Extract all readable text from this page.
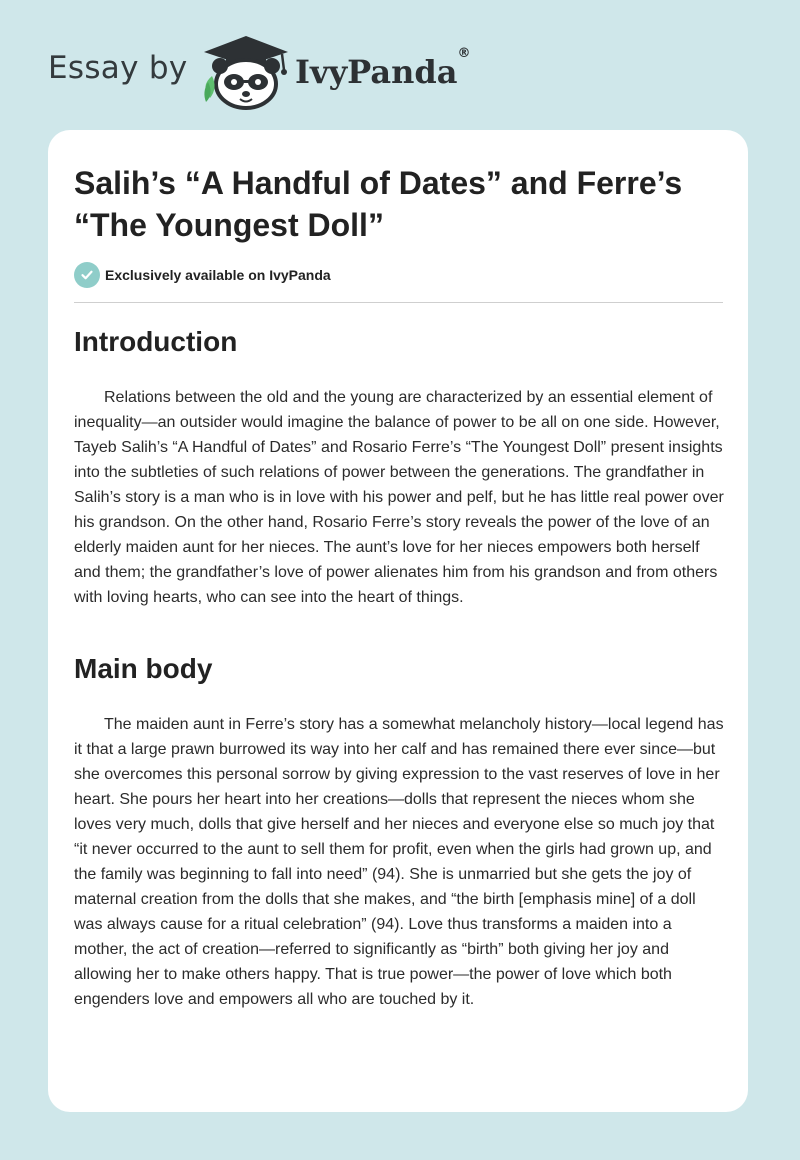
Essay by	IvyPanda®
Salih’s “A Handful of Dates” and Ferre’s “The Youngest Doll”
Exclusively available on IvyPanda
Introduction

Relations between the old and the young are characterized by an essential element of inequality—an outsider would imagine the balance of power to be all on one side. However, Tayeb Salih’s “A Handful of Dates” and Rosario Ferre’s “The Youngest Doll” present insights into the subtleties of such relations of power between the generations. The grandfather in Salih’s story is a man who is in love with his power and pelf, but he has little real power over his grandson. On the other hand, Rosario Ferre’s story reveals the power of the love of an elderly maiden aunt for her nieces. The aunt’s love for her nieces empowers both herself and them; the grandfather’s love of power alienates him from his grandson and from others with loving hearts, who can see into the heart of things.

Main body

The maiden aunt in Ferre’s story has a somewhat melancholy history—local legend has it that a large prawn burrowed its way into her calf and has remained there ever since—but she overcomes this personal sorrow by giving expression to the vast reserves of love in her heart. She pours her heart into her creations—dolls that represent the nieces whom she loves very much, dolls that give herself and her nieces and everyone else so much joy that “it never occurred to the aunt to sell them for profit, even when the girls had grown up, and the family was beginning to fall into need” (94). She is unmarried but she gets the joy of maternal creation from the dolls that she makes, and “the birth [emphasis mine] of a doll was always cause for a ritual celebration” (94). Love thus transforms a maiden into a mother, the act of creation—referred to significantly as “birth” both giving her joy and allowing her to make others happy. That is true power—the power of love which both engenders love and empowers all who are touched by it.
